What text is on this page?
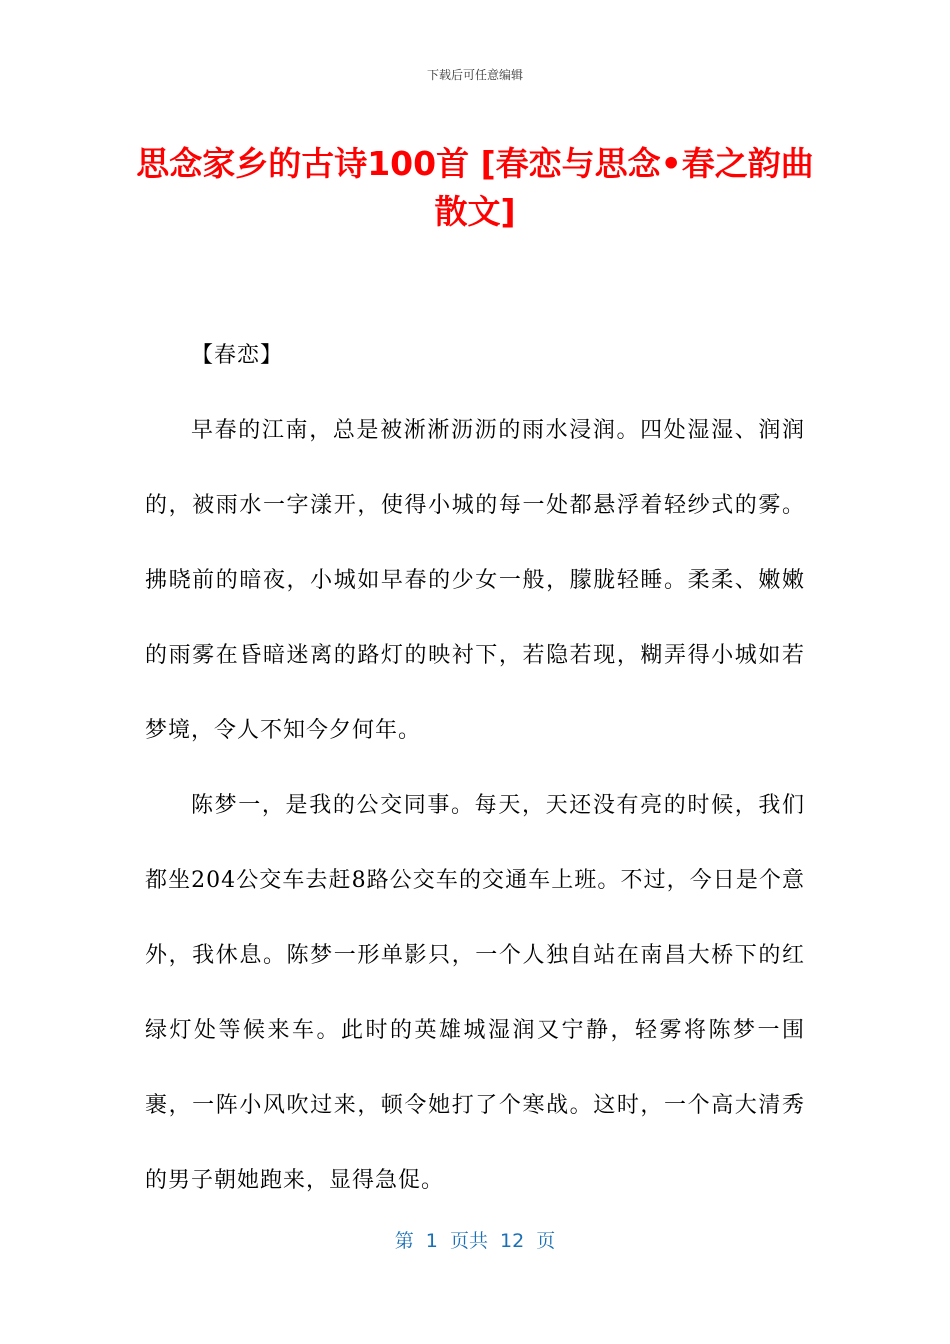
下载后可任意编辑
思念家乡的古诗100首 [春恋与思念•春之韵曲散文]

【春恋】

早春的江南，总是被淅淅沥沥的雨水浸润。四处湿湿、润润的，被雨水一字漾开，使得小城的每一处都悬浮着轻纱式的雾。拂晓前的暗夜，小城如早春的少女一般，朦胧轻睡。柔柔、嫩嫩的雨雾在昏暗迷离的路灯的映衬下，若隐若现，糊弄得小城如若梦境，令人不知今夕何年。

陈梦一，是我的公交同事。每天，天还没有亮的时候，我们都坐204公交车去赶8路公交车的交通车上班。不过，今日是个意外，我休息。陈梦一形单影只，一个人独自站在南昌大桥下的红绿灯处等候来车。此时的英雄城湿润又宁静，轻雾将陈梦一围裹，一阵小风吹过来，顿令她打了个寒战。这时，一个高大清秀的男子朝她跑来，显得急促。

第  1  页共  12  页
